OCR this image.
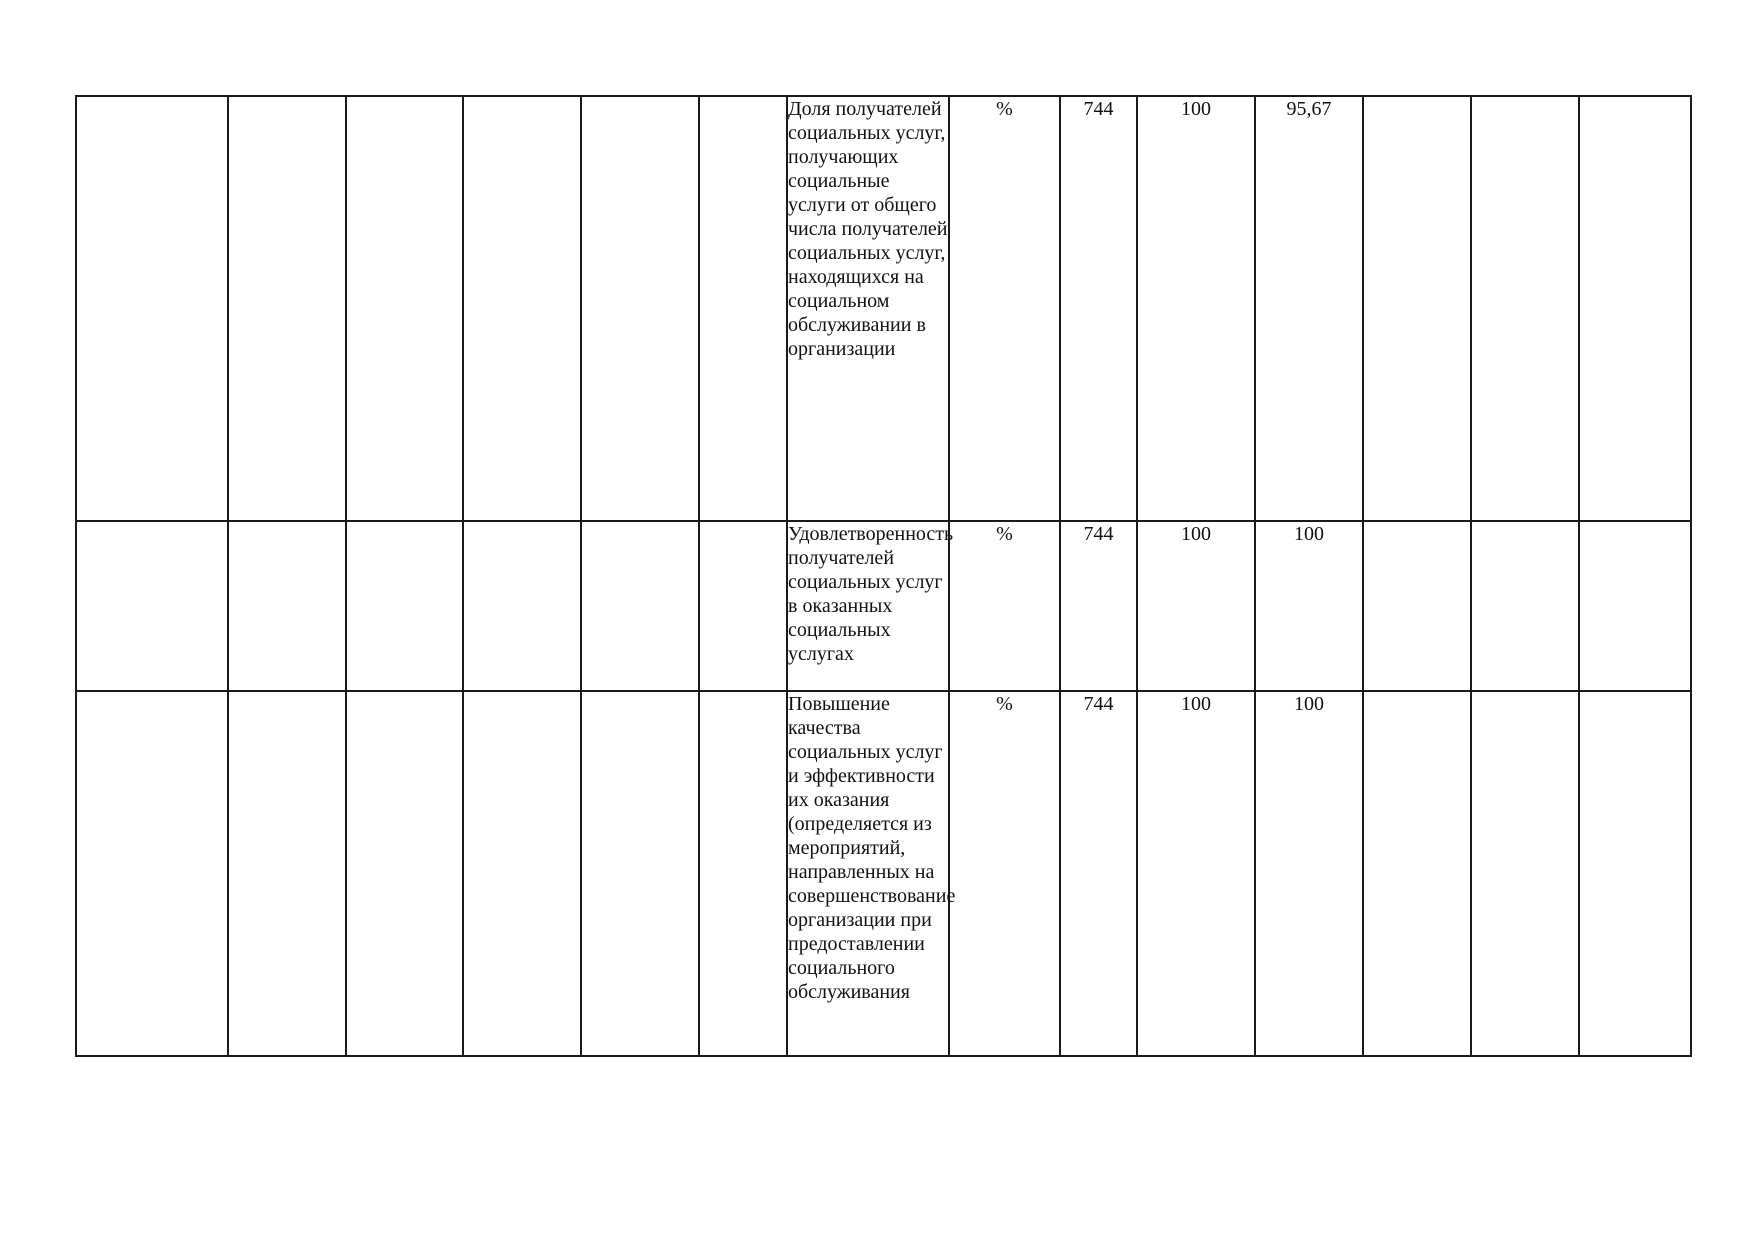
						Доля получателей социальных услуг, получающих социальные услуги от общего числа получателей социальных услуг, находящихся на социальном обслуживании в организации	%	744	100	95,67			
						Удовлетворенность получателей социальных услуг в оказанных социальных услугах	%	744	100	100			
						Повышение качества социальных услуг и эффективности их оказания (определяется из мероприятий, направленных на совершенствование организации при предоставлении социального обслуживания	%	744	100	100			
